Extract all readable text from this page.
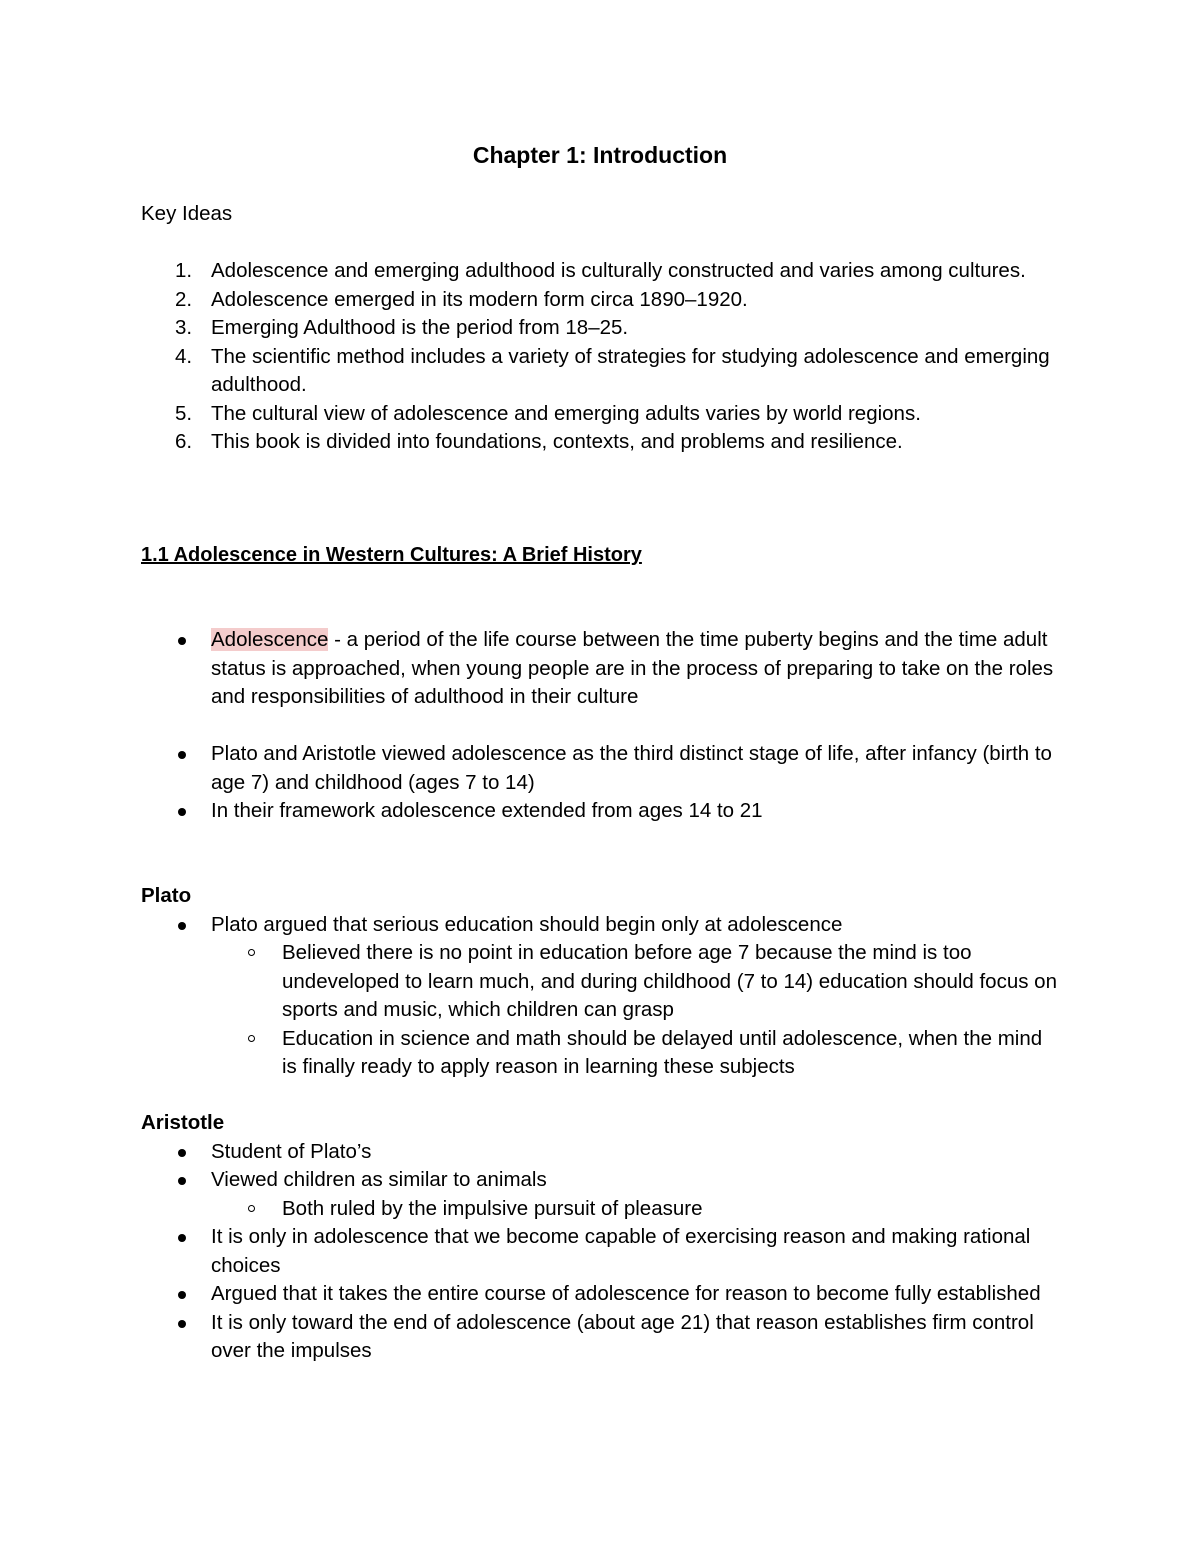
Chapter 1: Introduction

Key Ideas

1. Adolescence and emerging adulthood is culturally constructed and varies among cultures.
2. Adolescence emerged in its modern form circa 1890–1920.
3. Emerging Adulthood is the period from 18–25.
4. The scientific method includes a variety of strategies for studying adolescence and emerging adulthood.
5. The cultural view of adolescence and emerging adults varies by world regions.
6. This book is divided into foundations, contexts, and problems and resilience.
1.1 Adolescence in Western Cultures: A Brief History
Adolescence - a period of the life course between the time puberty begins and the time adult status is approached, when young people are in the process of preparing to take on the roles and responsibilities of adulthood in their culture
Plato and Aristotle viewed adolescence as the third distinct stage of life, after infancy (birth to age 7) and childhood (ages 7 to 14)
In their framework adolescence extended from ages 14 to 21

Plato

Plato argued that serious education should begin only at adolescence
Believed there is no point in education before age 7 because the mind is too undeveloped to learn much, and during childhood (7 to 14) education should focus on sports and music, which children can grasp
Education in science and math should be delayed until adolescence, when the mind is finally ready to apply reason in learning these subjects

Aristotle

Student of Plato’s
Viewed children as similar to animals
Both ruled by the impulsive pursuit of pleasure
It is only in adolescence that we become capable of exercising reason and making rational choices
Argued that it takes the entire course of adolescence for reason to become fully established
It is only toward the end of adolescence (about age 21) that reason establishes firm control over the impulses
